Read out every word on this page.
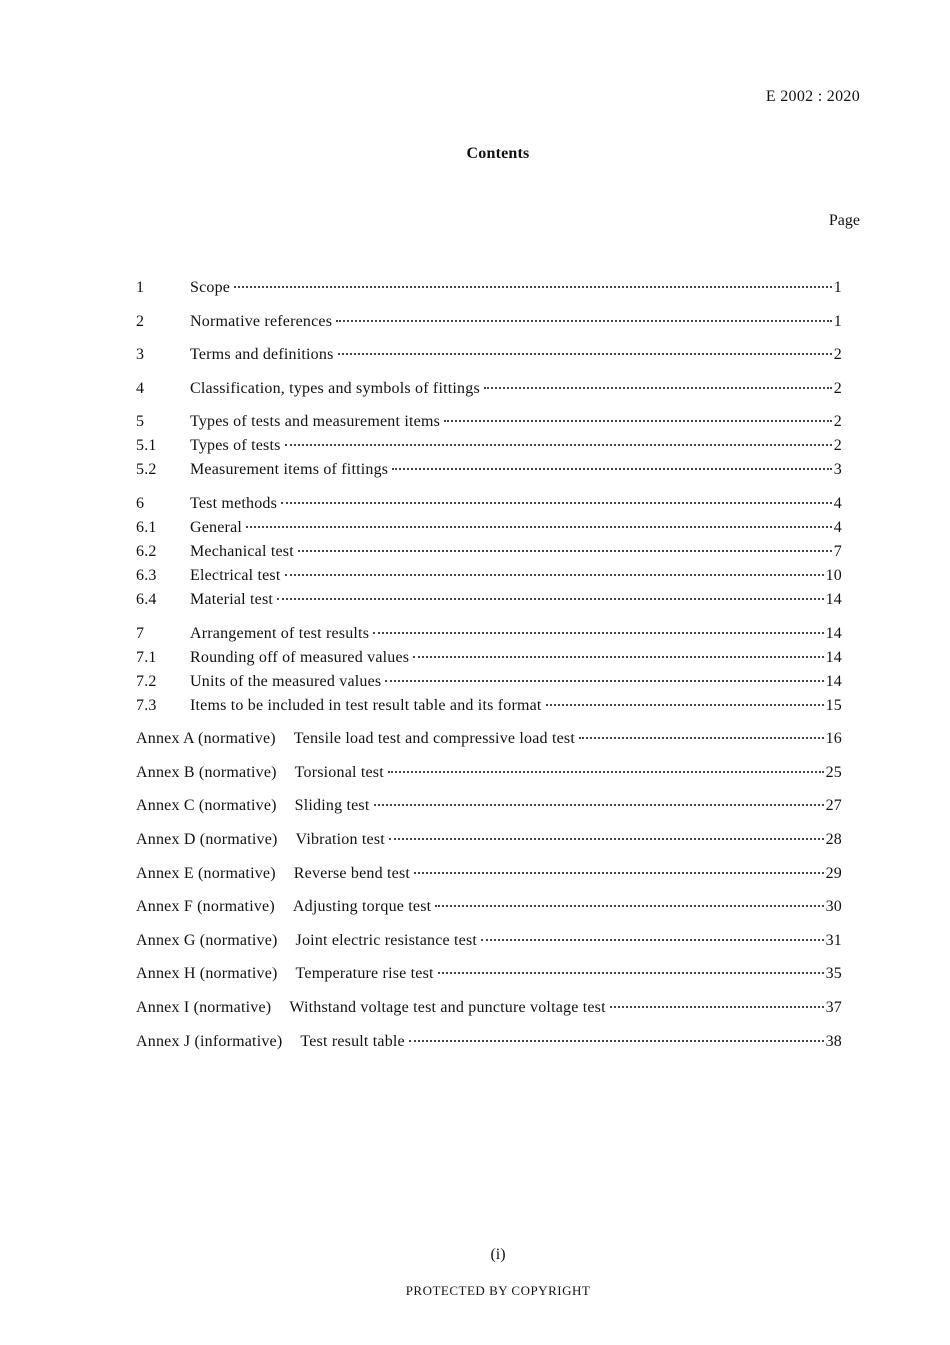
E 2002 : 2020
Contents
Page
1	Scope	1
2	Normative references	1
3	Terms and definitions	2
4	Classification, types and symbols of fittings	2
5	Types of tests and measurement items	2
5.1	Types of tests	2
5.2	Measurement items of fittings	3
6	Test methods	4
6.1	General	4
6.2	Mechanical test	7
6.3	Electrical test	10
6.4	Material test	14
7	Arrangement of test results	14
7.1	Rounding off of measured values	14
7.2	Units of the measured values	14
7.3	Items to be included in test result table and its format	15
Annex A (normative) Tensile load test and compressive load test	16
Annex B (normative) Torsional test	25
Annex C (normative) Sliding test	27
Annex D (normative) Vibration test	28
Annex E (normative) Reverse bend test	29
Annex F (normative) Adjusting torque test	30
Annex G (normative) Joint electric resistance test	31
Annex H (normative) Temperature rise test	35
Annex I (normative) Withstand voltage test and puncture voltage test	37
Annex J (informative) Test result table	38
(i)
PROTECTED BY COPYRIGHT
